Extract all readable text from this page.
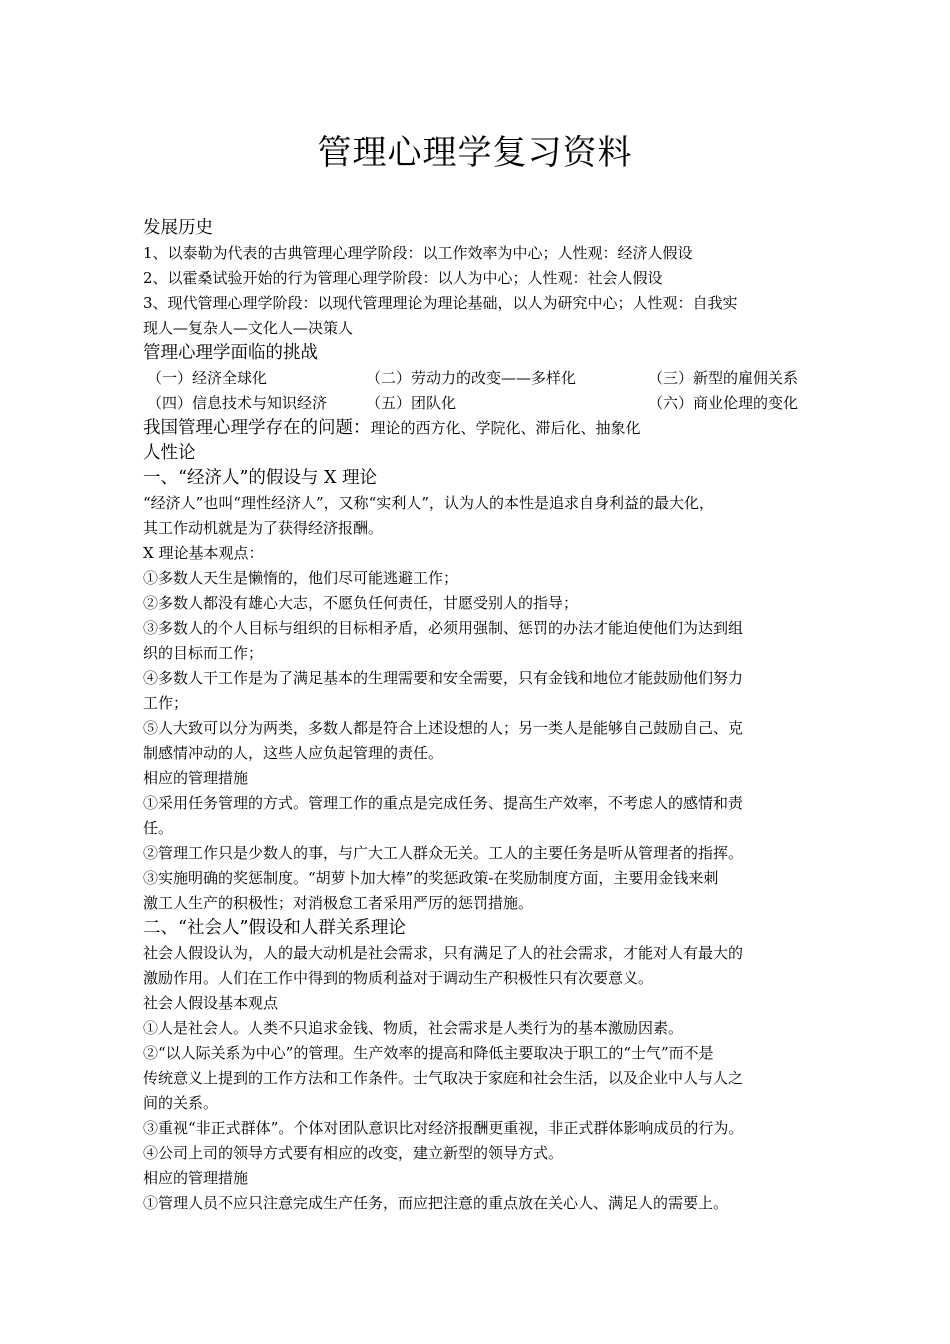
管理心理学复习资料
发展历史
1、以泰勒为代表的古典管理心理学阶段：以工作效率为中心；人性观：经济人假设
2、以霍桑试验开始的行为管理心理学阶段：以人为中心；人性观：社会人假设
3、现代管理心理学阶段：以现代管理理论为理论基础，以人为研究中心；人性观：自我实
现人—复杂人—文化人—决策人
管理心理学面临的挑战
（一）经济全球化	（二）劳动力的改变——多样化	（三）新型的雇佣关系
（四）信息技术与知识经济	（五）团队化	（六）商业伦理的变化
我国管理心理学存在的问题：理论的西方化、学院化、滞后化、抽象化
人性论
一、“经济人”的假设与 X 理论
“经济人”也叫“理性经济人”，又称“实利人”，认为人的本性是追求自身利益的最大化，
其工作动机就是为了获得经济报酬。
X 理论基本观点：
①多数人天生是懒惰的，他们尽可能逃避工作；
②多数人都没有雄心大志，不愿负任何责任，甘愿受别人的指导；
③多数人的个人目标与组织的目标相矛盾，必须用强制、惩罚的办法才能迫使他们为达到组
织的目标而工作；
④多数人干工作是为了满足基本的生理需要和安全需要，只有金钱和地位才能鼓励他们努力
工作；
⑤人大致可以分为两类，多数人都是符合上述设想的人；另一类人是能够自己鼓励自己、克
制感情冲动的人，这些人应负起管理的责任。
相应的管理措施
①采用任务管理的方式。管理工作的重点是完成任务、提高生产效率，不考虑人的感情和责
任。
②管理工作只是少数人的事，与广大工人群众无关。工人的主要任务是听从管理者的指挥。
③实施明确的奖惩制度。“胡萝卜加大棒”的奖惩政策-在奖励制度方面，主要用金钱来刺
激工人生产的积极性；对消极怠工者采用严厉的惩罚措施。
二、“社会人”假设和人群关系理论
社会人假设认为，人的最大动机是社会需求，只有满足了人的社会需求，才能对人有最大的
激励作用。人们在工作中得到的物质利益对于调动生产积极性只有次要意义。
社会人假设基本观点
①人是社会人。人类不只追求金钱、物质，社会需求是人类行为的基本激励因素。
②“以人际关系为中心”的管理。生产效率的提高和降低主要取决于职工的“士气”而不是
传统意义上提到的工作方法和工作条件。士气取决于家庭和社会生活，以及企业中人与人之
间的关系。
③重视“非正式群体”。个体对团队意识比对经济报酬更重视，非正式群体影响成员的行为。
④公司上司的领导方式要有相应的改变，建立新型的领导方式。
相应的管理措施
①管理人员不应只注意完成生产任务，而应把注意的重点放在关心人、满足人的需要上。
